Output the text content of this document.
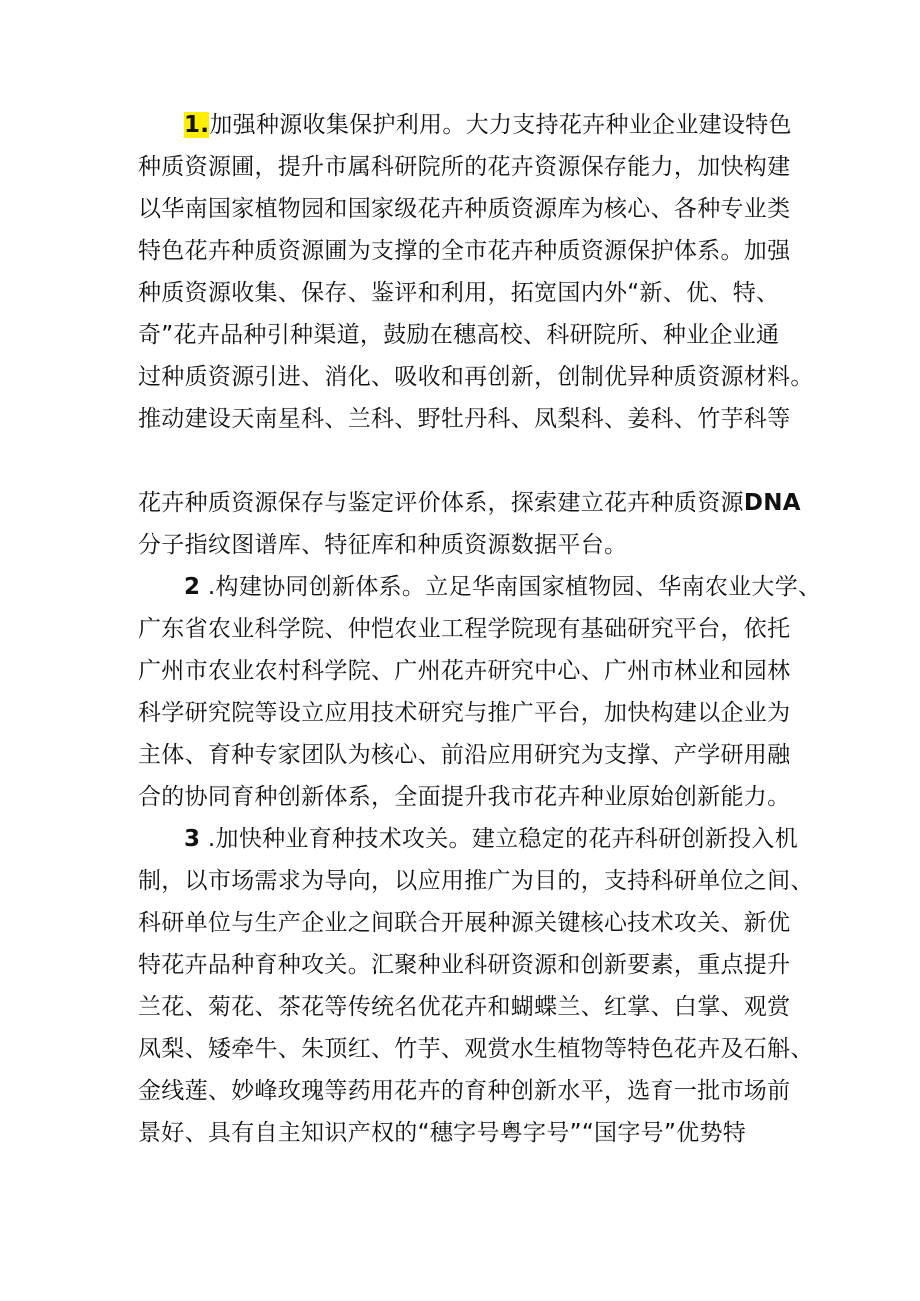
1.加强种源收集保护利用。大力支持花卉种业企业建设特色
种质资源圃，提升市属科研院所的花卉资源保存能力，加快构建
以华南国家植物园和国家级花卉种质资源库为核心、各种专业类
特色花卉种质资源圃为支撑的全市花卉种质资源保护体系。加强
种质资源收集、保存、鉴评和利用，拓宽国内外“新、优、特、
奇”花卉品种引种渠道，鼓励在穗高校、科研院所、种业企业通
过种质资源引进、消化、吸收和再创新，创制优异种质资源材料。
推动建设天南星科、兰科、野牡丹科、凤梨科、姜科、竹芋科等
花卉种质资源保存与鉴定评价体系，探索建立花卉种质资源DNA
分子指纹图谱库、特征库和种质资源数据平台。
2 .构建协同创新体系。立足华南国家植物园、华南农业大学、
广东省农业科学院、仲恺农业工程学院现有基础研究平台，依托
广州市农业农村科学院、广州花卉研究中心、广州市林业和园林
科学研究院等设立应用技术研究与推广平台，加快构建以企业为
主体、育种专家团队为核心、前沿应用研究为支撑、产学研用融
合的协同育种创新体系，全面提升我市花卉种业原始创新能力。
3 .加快种业育种技术攻关。建立稳定的花卉科研创新投入机
制，以市场需求为导向，以应用推广为目的，支持科研单位之间、
科研单位与生产企业之间联合开展种源关键核心技术攻关、新优
特花卉品种育种攻关。汇聚种业科研资源和创新要素，重点提升
兰花、菊花、茶花等传统名优花卉和蝴蝶兰、红掌、白掌、观赏
凤梨、矮牵牛、朱顶红、竹芋、观赏水生植物等特色花卉及石斛、
金线莲、妙峰玫瑰等药用花卉的育种创新水平，选育一批市场前
景好、具有自主知识产权的“穗字号粤字号”“国字号”优势特
